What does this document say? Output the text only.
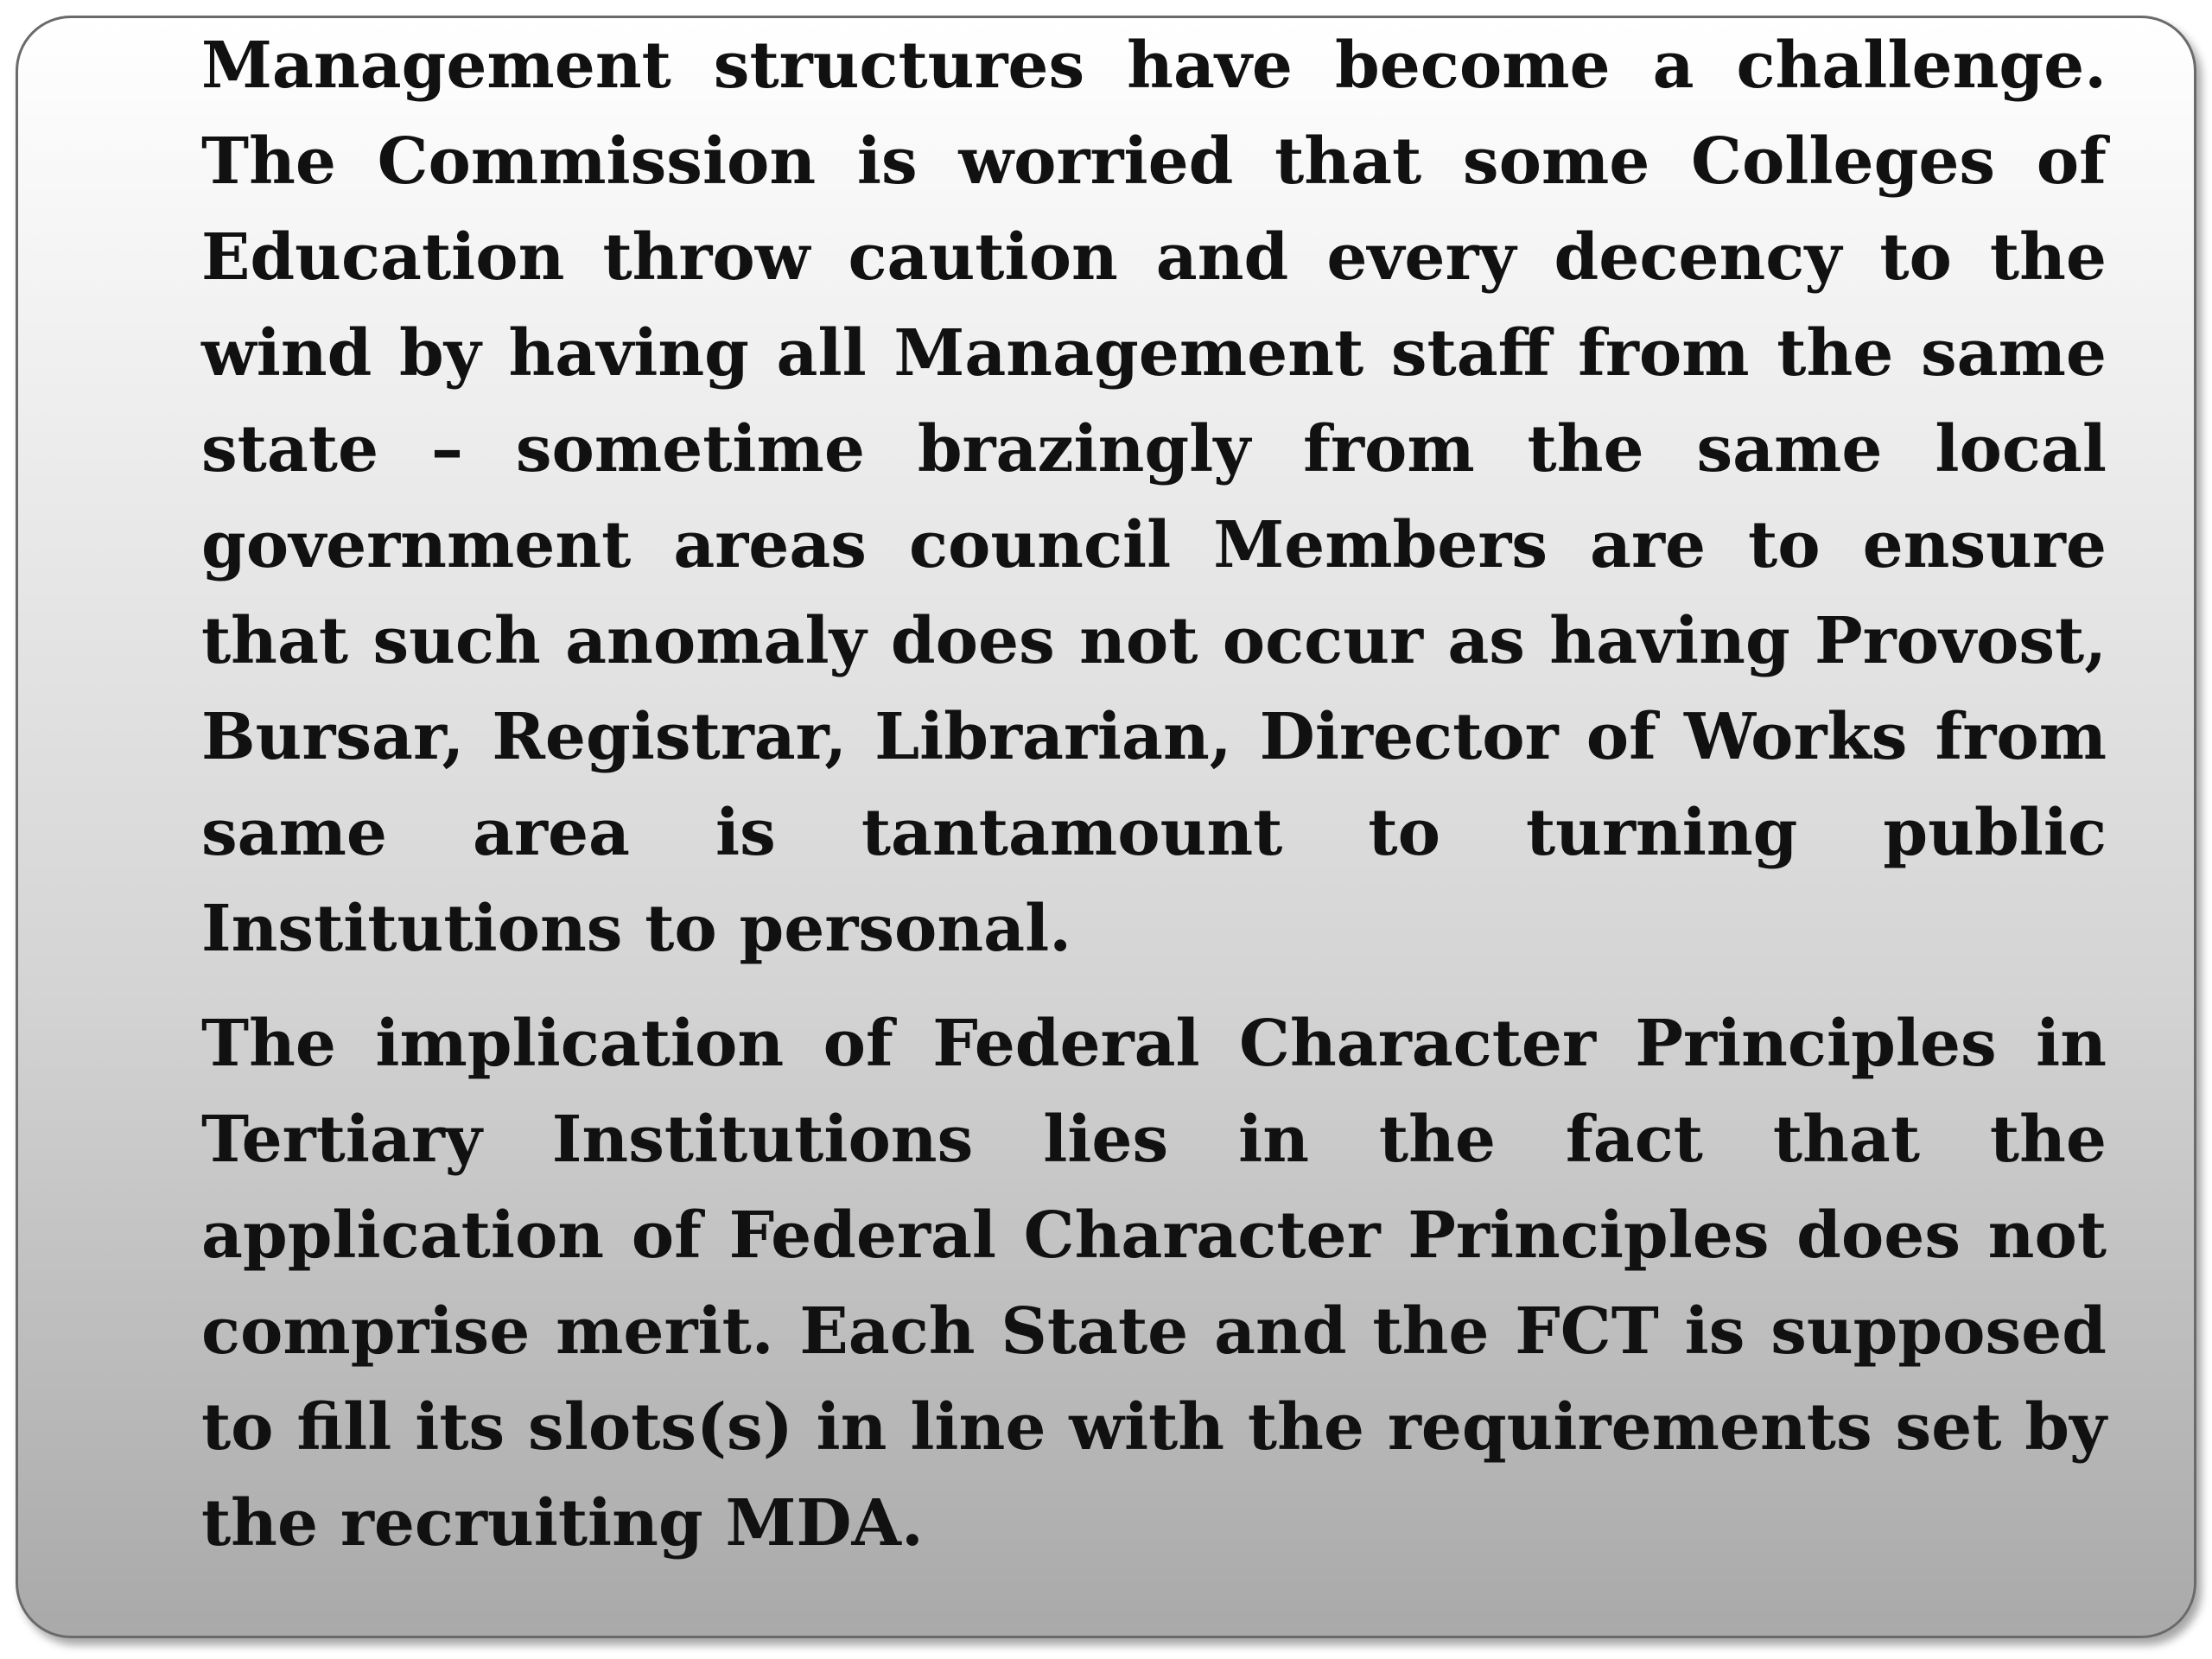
Management structures have become a challenge. The Commission is worried that some Colleges of Education throw caution and every decency to the wind by having all Management staff from the same state – sometime brazingly from the same local government areas council Members are to ensure that such anomaly does not occur as having Provost, Bursar, Registrar, Librarian, Director of Works from same area is tantamount to turning public Institutions to personal.

The implication of Federal Character Principles in Tertiary Institutions lies in the fact that the application of Federal Character Principles does not comprise merit. Each State and the FCT is supposed to fill its slots(s) in line with the requirements set by the recruiting MDA.
